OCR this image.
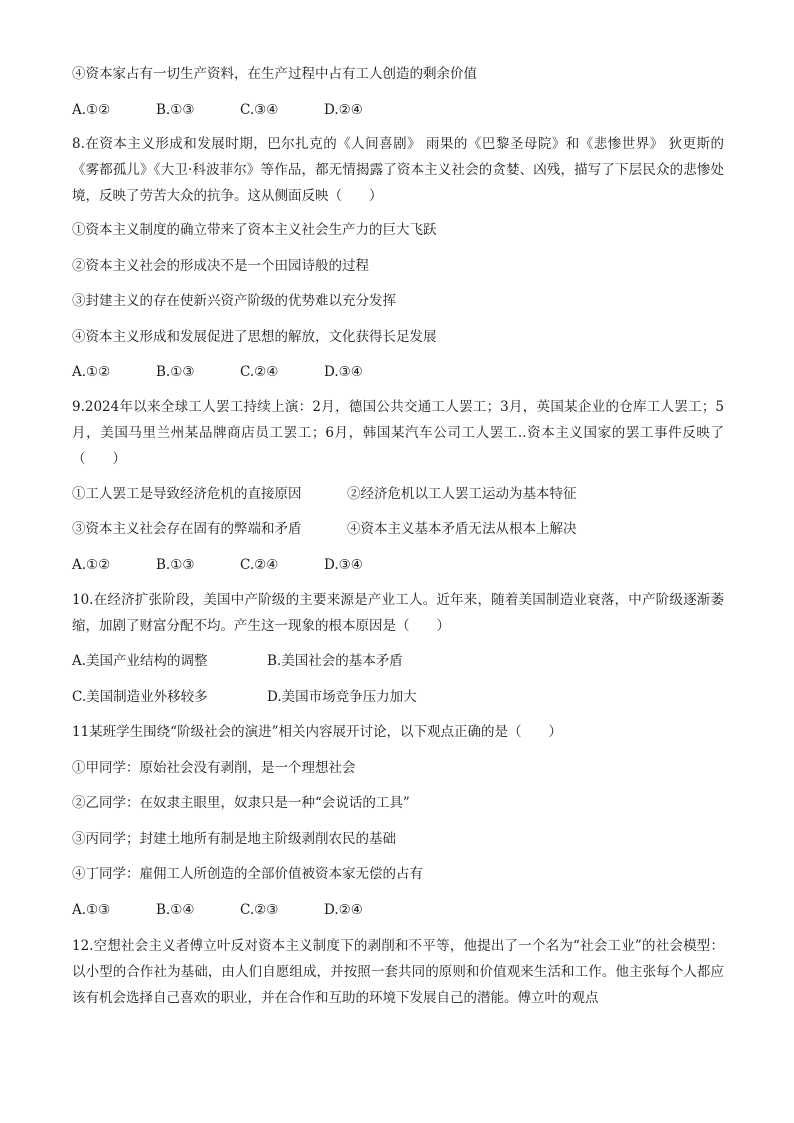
④资本家占有一切生产资料，在生产过程中占有工人创造的剩余价值
A.①②	B.①③	C.③④	D.②④
8.在资本主义形成和发展时期，巴尔扎克的《人间喜剧》 雨果的《巴黎圣母院》和《悲惨世界》 狄更斯的《雾都孤儿》《大卫·科波菲尔》等作品，都无情揭露了资本主义社会的贪婪、凶残，描写了下层民众的悲惨处境，反映了劳苦大众的抗争。这从侧面反映（　　）
①资本主义制度的确立带来了资本主义社会生产力的巨大飞跃
②资本主义社会的形成决不是一个田园诗般的过程
③封建主义的存在使新兴资产阶级的优势难以充分发挥
④资本主义形成和发展促进了思想的解放，文化获得长足发展
A.①②	B.①③	C.②④	D.③④
9.2024年以来全球工人罢工持续上演：2月，德国公共交通工人罢工；3月，英国某企业的仓库工人罢工；5月，美国马里兰州某品牌商店员工罢工；6月，韩国某汽车公司工人罢工..资本主义国家的罢工事件反映了（　　）
①工人罢工是导致经济危机的直接原因	②经济危机以工人罢工运动为基本特征
③资本主义社会存在固有的弊端和矛盾	④资本主义基本矛盾无法从根本上解决
A.①②	B.①③	C.②④	D.③④
10.在经济扩张阶段，美国中产阶级的主要来源是产业工人。近年来，随着美国制造业衰落，中产阶级逐渐萎缩，加剧了财富分配不均。产生这一现象的根本原因是（　　）
A.美国产业结构的调整	B.美国社会的基本矛盾
C.美国制造业外移较多	D.美国市场竞争压力加大
11某班学生围绕“阶级社会的演进”相关内容展开讨论，以下观点正确的是（　　）
①甲同学：原始社会没有剥削，是一个理想社会
②乙同学：在奴隶主眼里，奴隶只是一种“会说话的工具”
③丙同学；封建土地所有制是地主阶级剥削农民的基础
④丁同学：雇佣工人所创造的全部价值被资本家无偿的占有
A.①③	B.①④	C.②③	D.②④
12.空想社会主义者傅立叶反对资本主义制度下的剥削和不平等，他提出了一个名为“社会工业”的社会模型：以小型的合作社为基础，由人们自愿组成，并按照一套共同的原则和价值观来生活和工作。他主张每个人都应该有机会选择自己喜欢的职业，并在合作和互助的环境下发展自己的潜能。傅立叶的观点
